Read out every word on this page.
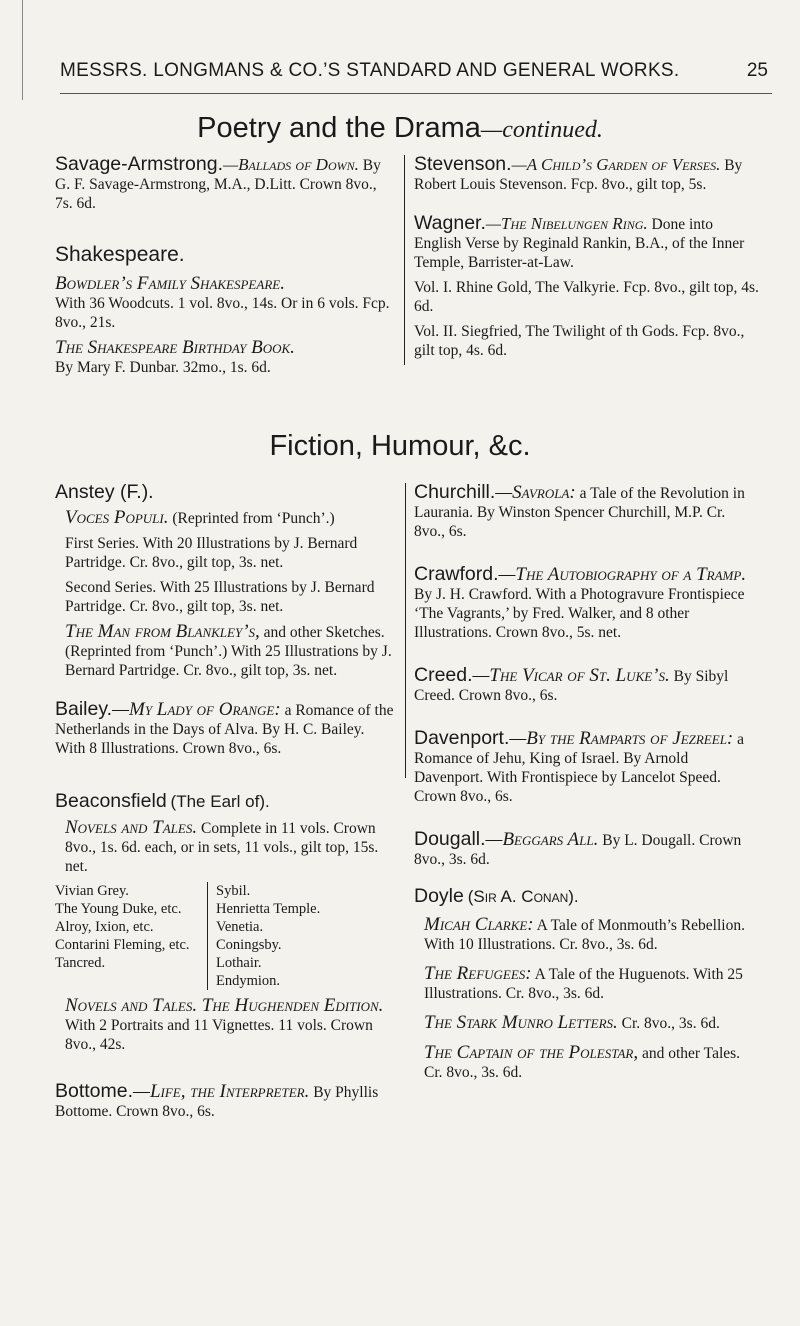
MESSRS. LONGMANS & CO.’S STANDARD AND GENERAL WORKS.	25
Poetry and the Drama—continued.
Savage-Armstrong.—Ballads of Down. By G. F. Savage-Armstrong, M.A., D.Litt. Crown 8vo., 7s. 6d.
Shakespeare.

Bowdler’s Family Shakespeare.
With 36 Woodcuts. 1 vol. 8vo., 14s. Or in 6 vols. Fcp. 8vo., 21s.

The Shakespeare Birthday Book.
By Mary F. Dunbar. 32mo., 1s. 6d.

Stevenson.—A Child’s Garden of Verses. By Robert Louis Stevenson. Fcp. 8vo., gilt top, 5s.

Wagner.—The Nibelungen Ring. Done into English Verse by Reginald Rankin, B.A., of the Inner Temple, Barrister-at-Law.

Vol. I. Rhine Gold, The Valkyrie. Fcp. 8vo., gilt top, 4s. 6d.

Vol. II. Siegfried, The Twilight of th Gods. Fcp. 8vo., gilt top, 4s. 6d.

Fiction, Humour, &c.
Anstey (F.).

Voces Populi. (Reprinted from ‘Punch’.)

First Series. With 20 Illustrations by J. Bernard Partridge. Cr. 8vo., gilt top, 3s. net.

Second Series. With 25 Illustrations by J. Bernard Partridge. Cr. 8vo., gilt top, 3s. net.

The Man from Blankley’s, and other Sketches. (Reprinted from ‘Punch’.) With 25 Illustrations by J. Bernard Partridge. Cr. 8vo., gilt top, 3s. net.

Bailey.—My Lady of Orange: a Romance of the Netherlands in the Days of Alva. By H. C. Bailey. With 8 Illustrations. Crown 8vo., 6s.
Beaconsfield (The Earl of).

Novels and Tales. Complete in 11 vols. Crown 8vo., 1s. 6d. each, or in sets, 11 vols., gilt top, 15s. net.

Vivian Grey.
The Young Duke, etc.
Alroy, Ixion, etc.
Contarini Fleming, etc.
Tancred.
Sybil.
Henrietta Temple.
Venetia.
Coningsby.
Lothair.
Endymion.

Novels and Tales. The Hughenden Edition. With 2 Portraits and 11 Vignettes. 11 vols. Crown 8vo., 42s.

Bottome.—Life, the Interpreter. By Phyllis Bottome. Crown 8vo., 6s.
Churchill.—Savrola: a Tale of the Revolution in Laurania. By Winston Spencer Churchill, M.P. Cr. 8vo., 6s.
Crawford.—The Autobiography of a Tramp. By J. H. Crawford. With a Photogravure Frontispiece ‘The Vagrants,’ by Fred. Walker, and 8 other Illustrations. Crown 8vo., 5s. net.
Creed.—The Vicar of St. Luke’s. By Sibyl Creed. Crown 8vo., 6s.
Davenport.—By the Ramparts of Jezreel: a Romance of Jehu, King of Israel. By Arnold Davenport. With Frontispiece by Lancelot Speed. Crown 8vo., 6s.
Dougall.—Beggars All. By L. Dougall. Crown 8vo., 3s. 6d.
Doyle (Sir A. Conan).

Micah Clarke: A Tale of Monmouth’s Rebellion. With 10 Illustrations. Cr. 8vo., 3s. 6d.

The Refugees: A Tale of the Huguenots. With 25 Illustrations. Cr. 8vo., 3s. 6d.

The Stark Munro Letters. Cr. 8vo., 3s. 6d.

The Captain of the Polestar, and other Tales. Cr. 8vo., 3s. 6d.
